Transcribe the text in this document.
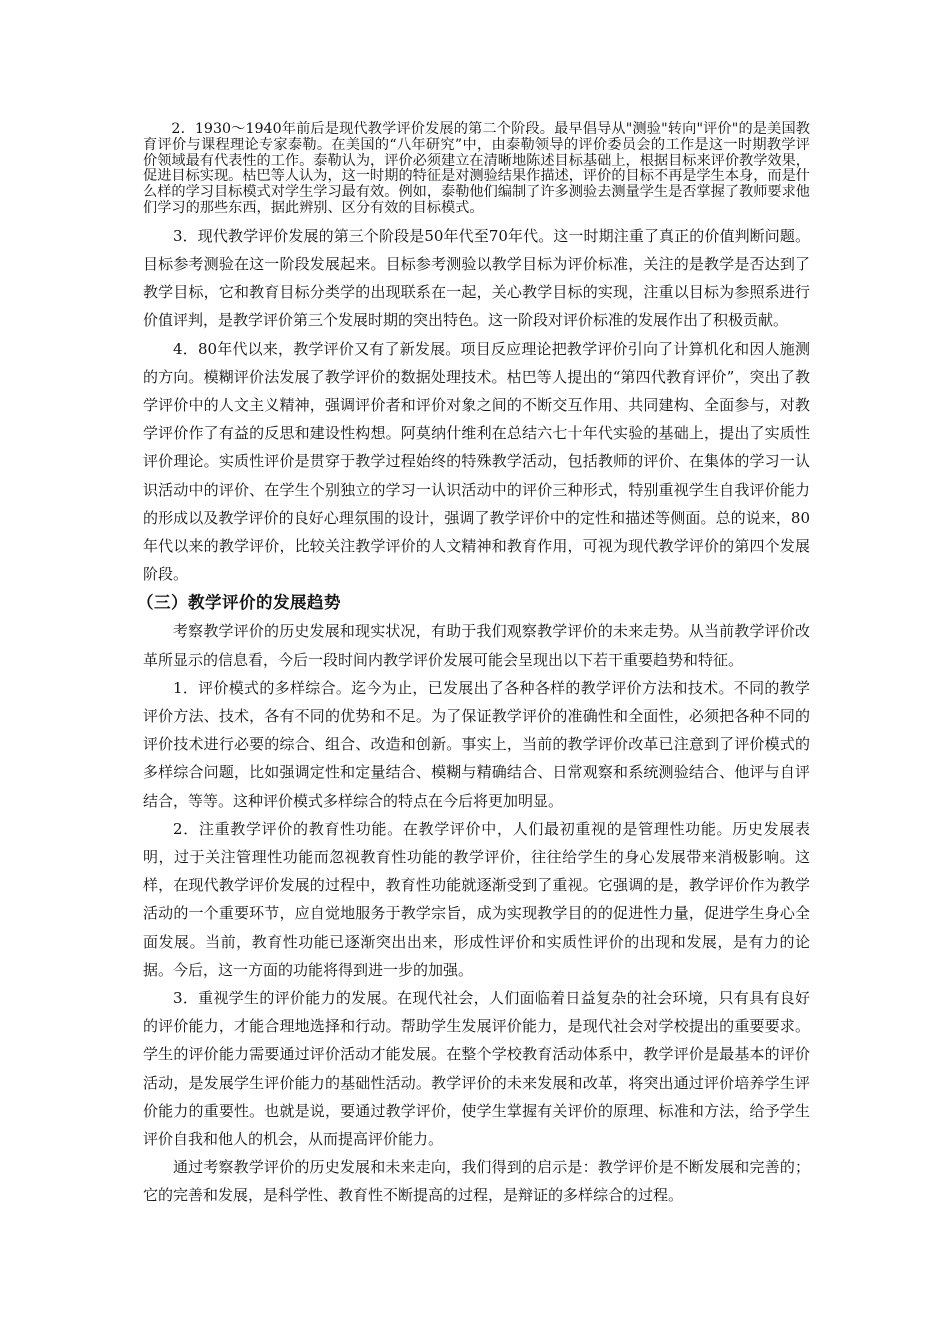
2．1930～1940年前后是现代教学评价发展的第二个阶段。最早倡导从"测验"转向"评价"的是美国教育评价与课程理论专家泰勒。在美国的“八年研究”中，由泰勒领导的评价委员会的工作是这一时期教学评价领域最有代表性的工作。泰勒认为，评价必须建立在清晰地陈述目标基础上，根据目标来评价教学效果，促进目标实现。枯巴等人认为，这一时期的特征是对测验结果作描述，评价的目标不再是学生本身，而是什么样的学习目标模式对学生学习最有效。例如，泰勒他们编制了许多测验去测量学生是否掌握了教师要求他们学习的那些东西，据此辨别、区分有效的目标模式。

3．现代教学评价发展的第三个阶段是50年代至70年代。这一时期注重了真正的价值判断问题。目标参考测验在这一阶段发展起来。目标参考测验以教学目标为评价标准，关注的是教学是否达到了教学目标，它和教育目标分类学的出现联系在一起，关心教学目标的实现，注重以目标为参照系进行价值评判，是教学评价第三个发展时期的突出特色。这一阶段对评价标准的发展作出了积极贡献。

4．80年代以来，教学评价又有了新发展。项目反应理论把教学评价引向了计算机化和因人施测的方向。模糊评价法发展了教学评价的数据处理技术。枯巴等人提出的“第四代教育评价”，突出了教学评价中的人文主义精神，强调评价者和评价对象之间的不断交互作用、共同建构、全面参与，对教学评价作了有益的反思和建设性构想。阿莫纳什维利在总结六七十年代实验的基础上，提出了实质性评价理论。实质性评价是贯穿于教学过程始终的特殊教学活动，包括教师的评价、在集体的学习一认识活动中的评价、在学生个别独立的学习一认识活动中的评价三种形式，特别重视学生自我评价能力的形成以及教学评价的良好心理氛围的设计，强调了教学评价中的定性和描述等侧面。总的说来，80年代以来的教学评价，比较关注教学评价的人文精神和教育作用，可视为现代教学评价的第四个发展阶段。

（三）教学评价的发展趋势

考察教学评价的历史发展和现实状况，有助于我们观察教学评价的未来走势。从当前教学评价改革所显示的信息看，今后一段时间内教学评价发展可能会呈现出以下若干重要趋势和特征。

1．评价模式的多样综合。迄今为止，已发展出了各种各样的教学评价方法和技术。不同的教学评价方法、技术，各有不同的优势和不足。为了保证教学评价的准确性和全面性，必须把各种不同的评价技术进行必要的综合、组合、改造和创新。事实上，当前的教学评价改革已注意到了评价模式的多样综合问题，比如强调定性和定量结合、模糊与精确结合、日常观察和系统测验结合、他评与自评结合，等等。这种评价模式多样综合的特点在今后将更加明显。

2．注重教学评价的教育性功能。在教学评价中，人们最初重视的是管理性功能。历史发展表明，过于关注管理性功能而忽视教育性功能的教学评价，往往给学生的身心发展带来消极影响。这样，在现代教学评价发展的过程中，教育性功能就逐渐受到了重视。它强调的是，教学评价作为教学活动的一个重要环节，应自觉地服务于教学宗旨，成为实现教学目的的促进性力量，促进学生身心全面发展。当前，教育性功能已逐渐突出出来，形成性评价和实质性评价的出现和发展，是有力的论据。今后，这一方面的功能将得到进一步的加强。

3．重视学生的评价能力的发展。在现代社会，人们面临着日益复杂的社会环境，只有具有良好的评价能力，才能合理地选择和行动。帮助学生发展评价能力，是现代社会对学校提出的重要要求。学生的评价能力需要通过评价活动才能发展。在整个学校教育活动体系中，教学评价是最基本的评价活动，是发展学生评价能力的基础性活动。教学评价的未来发展和改革，将突出通过评价培养学生评价能力的重要性。也就是说，要通过教学评价，使学生掌握有关评价的原理、标准和方法，给予学生评价自我和他人的机会，从而提高评价能力。

通过考察教学评价的历史发展和未来走向，我们得到的启示是：教学评价是不断发展和完善的；它的完善和发展，是科学性、教育性不断提高的过程，是辩证的多样综合的过程。
